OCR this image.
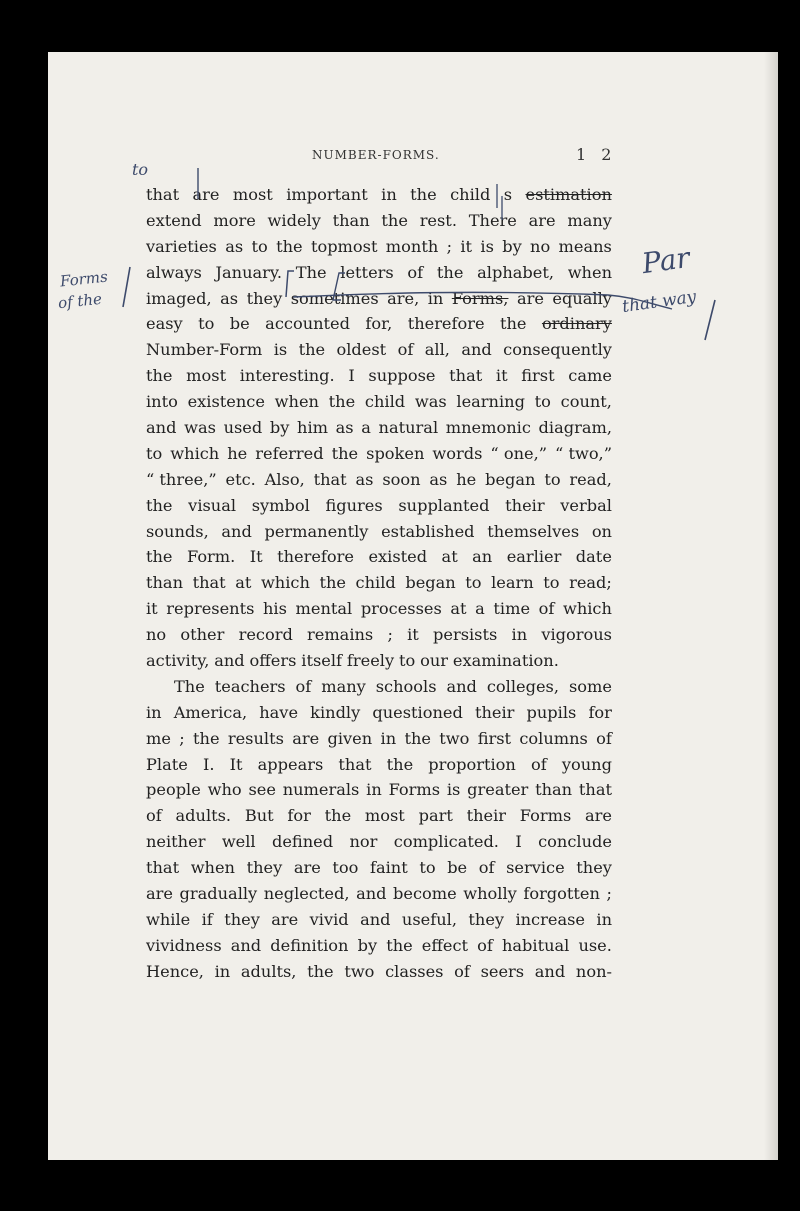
NUMBER-FORMS.	1 2
that are most important in the child s estimation
extend more widely than the rest. There are many
varieties as to the topmost month ; it is by no means
always January. The letters of the alphabet, when
imaged, as they sometimes are, in Forms, are equally
easy to be accounted for, therefore the ordinary
Number-Form is the oldest of all, and consequently
the most interesting. I suppose that it first came
into existence when the child was learning to count,
and was used by him as a natural mnemonic diagram,
to which he referred the spoken words “ one,” “ two,”
“ three,” etc. Also, that as soon as he began to read,
the visual symbol figures supplanted their verbal
sounds, and permanently established themselves on
the Form. It therefore existed at an earlier date
than that at which the child began to learn to read;
it represents his mental processes at a time of which
no other record remains ; it persists in vigorous
activity, and offers itself freely to our examination.
The teachers of many schools and colleges, some
in America, have kindly questioned their pupils for
me ; the results are given in the two first columns of
Plate I. It appears that the proportion of young
people who see numerals in Forms is greater than that
of adults. But for the most part their Forms are
neither well defined nor complicated. I conclude
that when they are too faint to be of service they
are gradually neglected, and become wholly forgotten ;
while if they are vivid and useful, they increase in
vividness and definition by the effect of habitual use.
Hence, in adults, the two classes of seers and non-
to
Forms
of the
Par
that way
